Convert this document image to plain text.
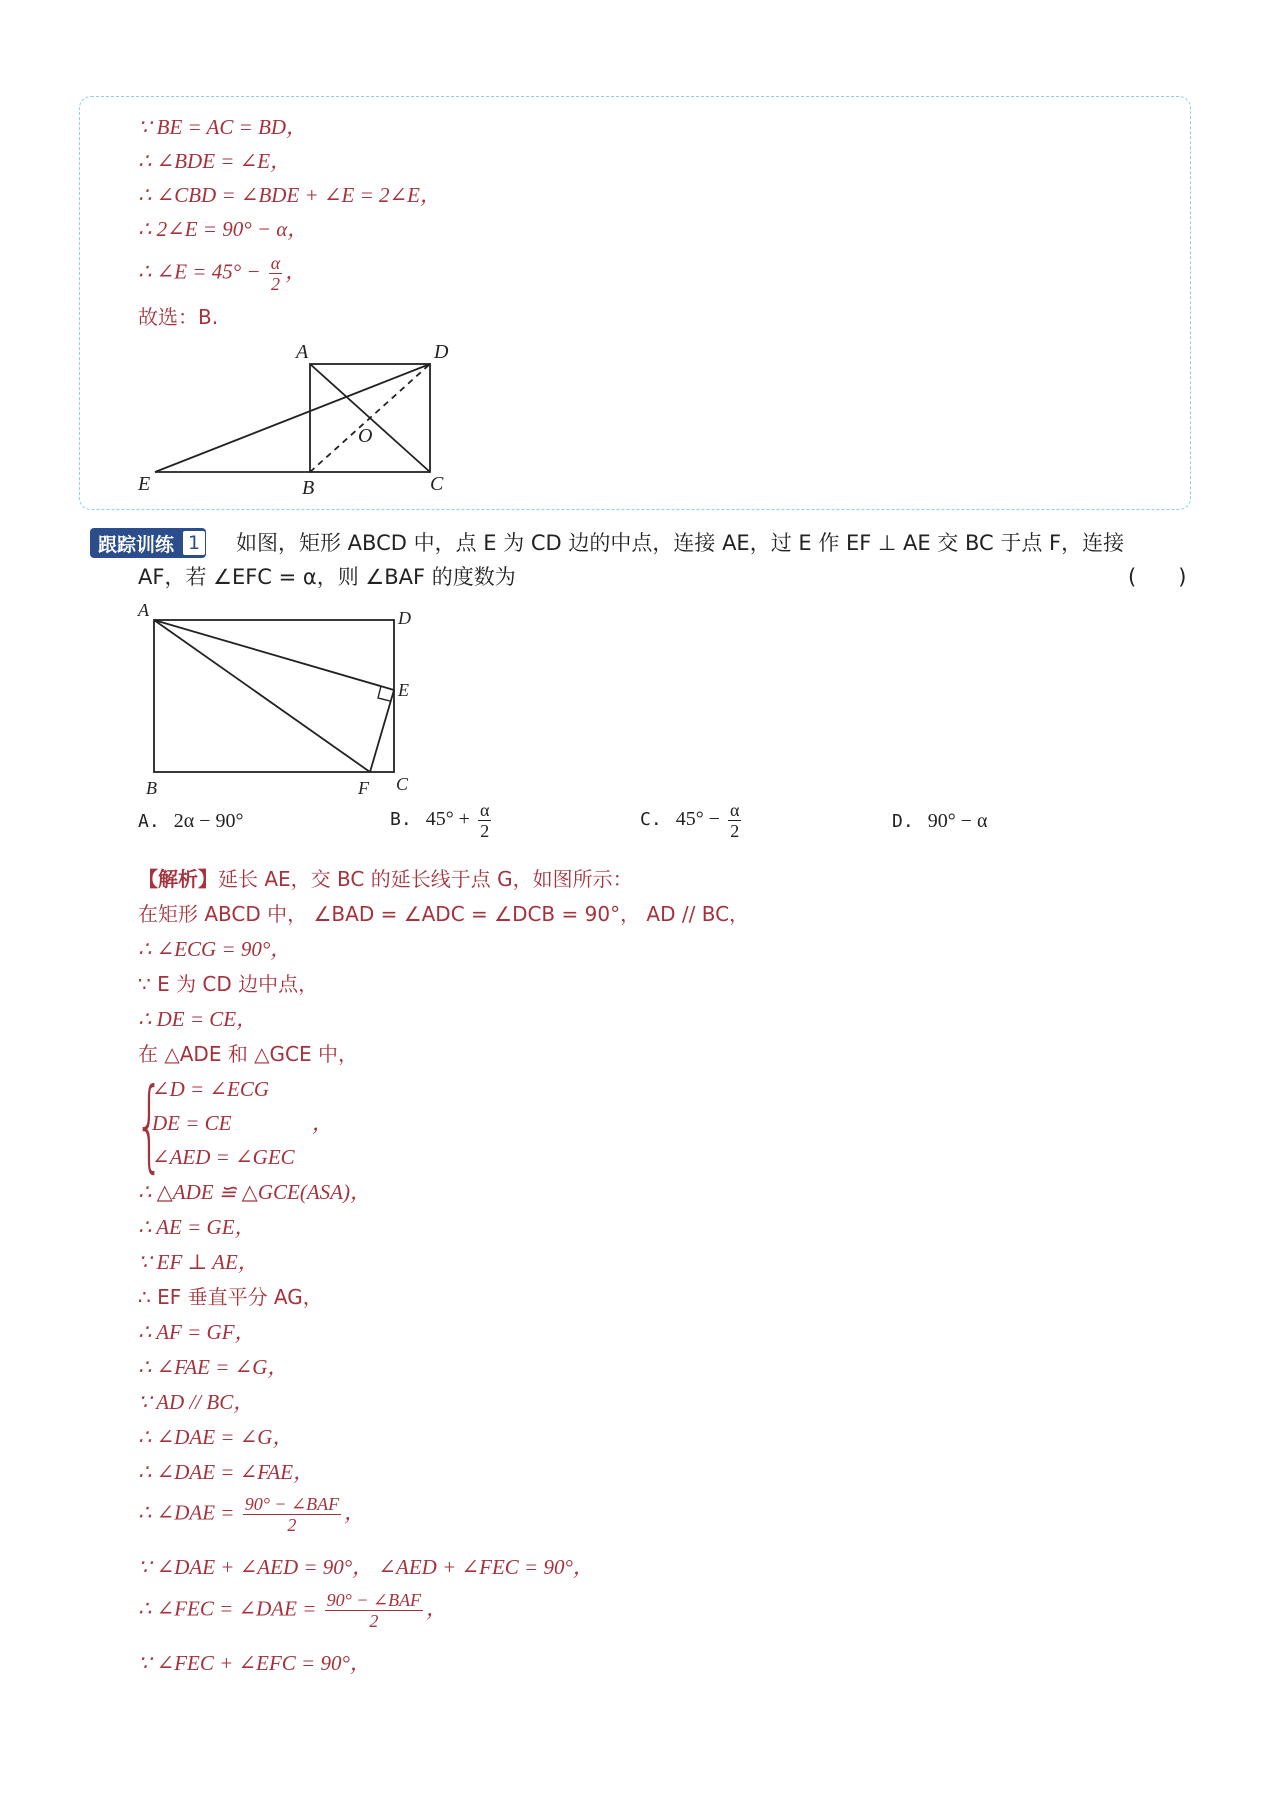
∵ BE = AC = BD，
∴ ∠BDE = ∠E，
∴ ∠CBD = ∠BDE + ∠E = 2∠E，
∴ 2∠E = 90° − α，
∴ ∠E = $45^\circ - \frac{\alpha}{2}$ ，
故选：B.
A	D
O
E	B	C
跟踪训练 1 如图，矩形 ABCD 中，点 E 为 CD 边的中点，连接 AE，过 E 作 EF ⊥ AE 交 BC 于点 F，连接
AF，若 ∠EFC = α，则 ∠BAF 的度数为	(　　)
A	D
E
B	F C
A. 2α − 90°	B. $45^\circ + \frac{\alpha}{2}$	C. $45^\circ - \frac{\alpha}{2}$	D. 90° − α
【解析】延长 AE，交 BC 的延长线于点 G，如图所示：
在矩形 ABCD 中， ∠BAD = ∠ADC = ∠DCB = 90°， AD // BC，
∴ ∠ECG = 90°，
∵ E 为 CD 边中点，
∴ DE = CE，
在 △ADE 和 △GCE 中，
{
∠D = ∠ECG
DE = CE	，
∠AED = ∠GEC
∴ △ADE ≌ △GCE(ASA)，
∴ AE = GE，
∵ EF ⊥ AE，
∴ EF 垂直平分 AG，
∴ AF = GF，
∴ ∠FAE = ∠G，
∵ AD // BC，
∴ ∠DAE = ∠G，
∴ ∠DAE = ∠FAE，
∴ ∠DAE = $\frac{\text{90° − ∠BAF}}{2}$ ，
∵ ∠DAE + ∠AED = 90°， ∠AED + ∠FEC = 90°，
∴ ∠FEC = ∠DAE = $\frac{\text{90° − ∠BAF}}{2}$ ，
∵ ∠FEC + ∠EFC = 90°，
